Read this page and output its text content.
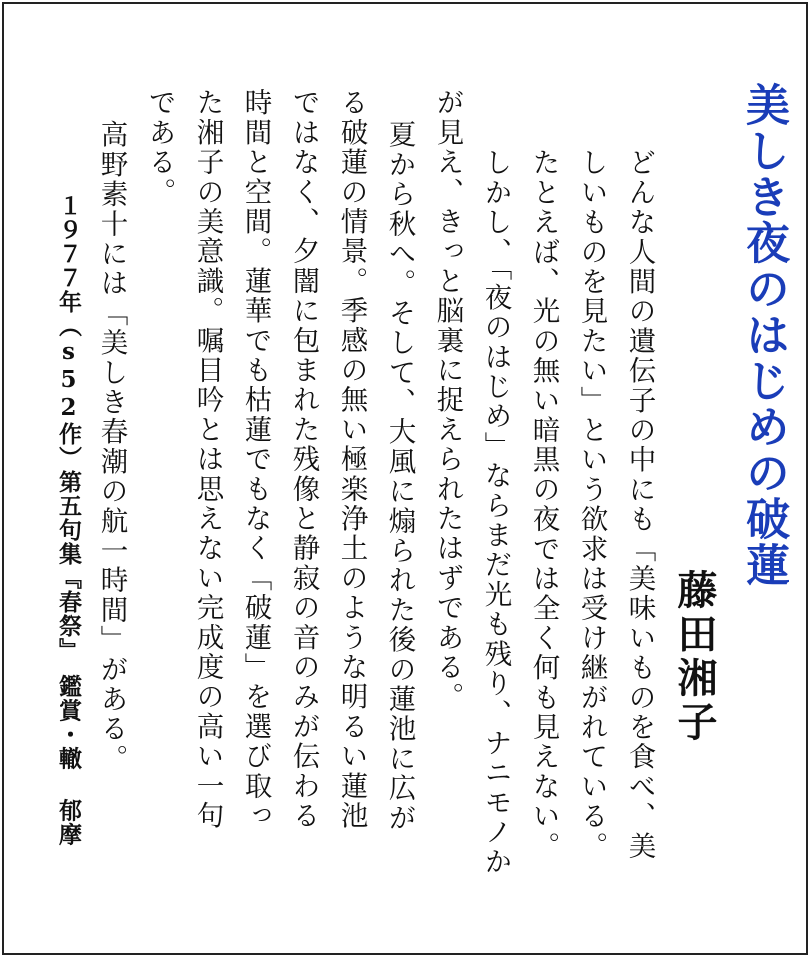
美しき夜のはじめの破蓮
藤田湘子
どんな人間の遺伝子の中にも「美味いものを食べ、美
しいものを見たい」という欲求は受け継がれている。
たとえば、光の無い暗黒の夜では全く何も見えない。
しかし、「夜のはじめ」ならまだ光も残り、ナニモノか
が見え、きっと脳裏に捉えられたはずである。
夏から秋へ。そして、大風に煽られた後の蓮池に広が
る破蓮の情景。季感の無い極楽浄土のような明るい蓮池
ではなく、夕闇に包まれた残像と静寂の音のみが伝わる
時間と空間。蓮華でも枯蓮でもなく「破蓮」を選び取っ
た湘子の美意識。嘱目吟とは思えない完成度の高い一句
である。
高野素十には「美しき春潮の航一時間」がある。
１９７７年（s52作）第五句集『春祭』　鑑賞・轍 郁摩
